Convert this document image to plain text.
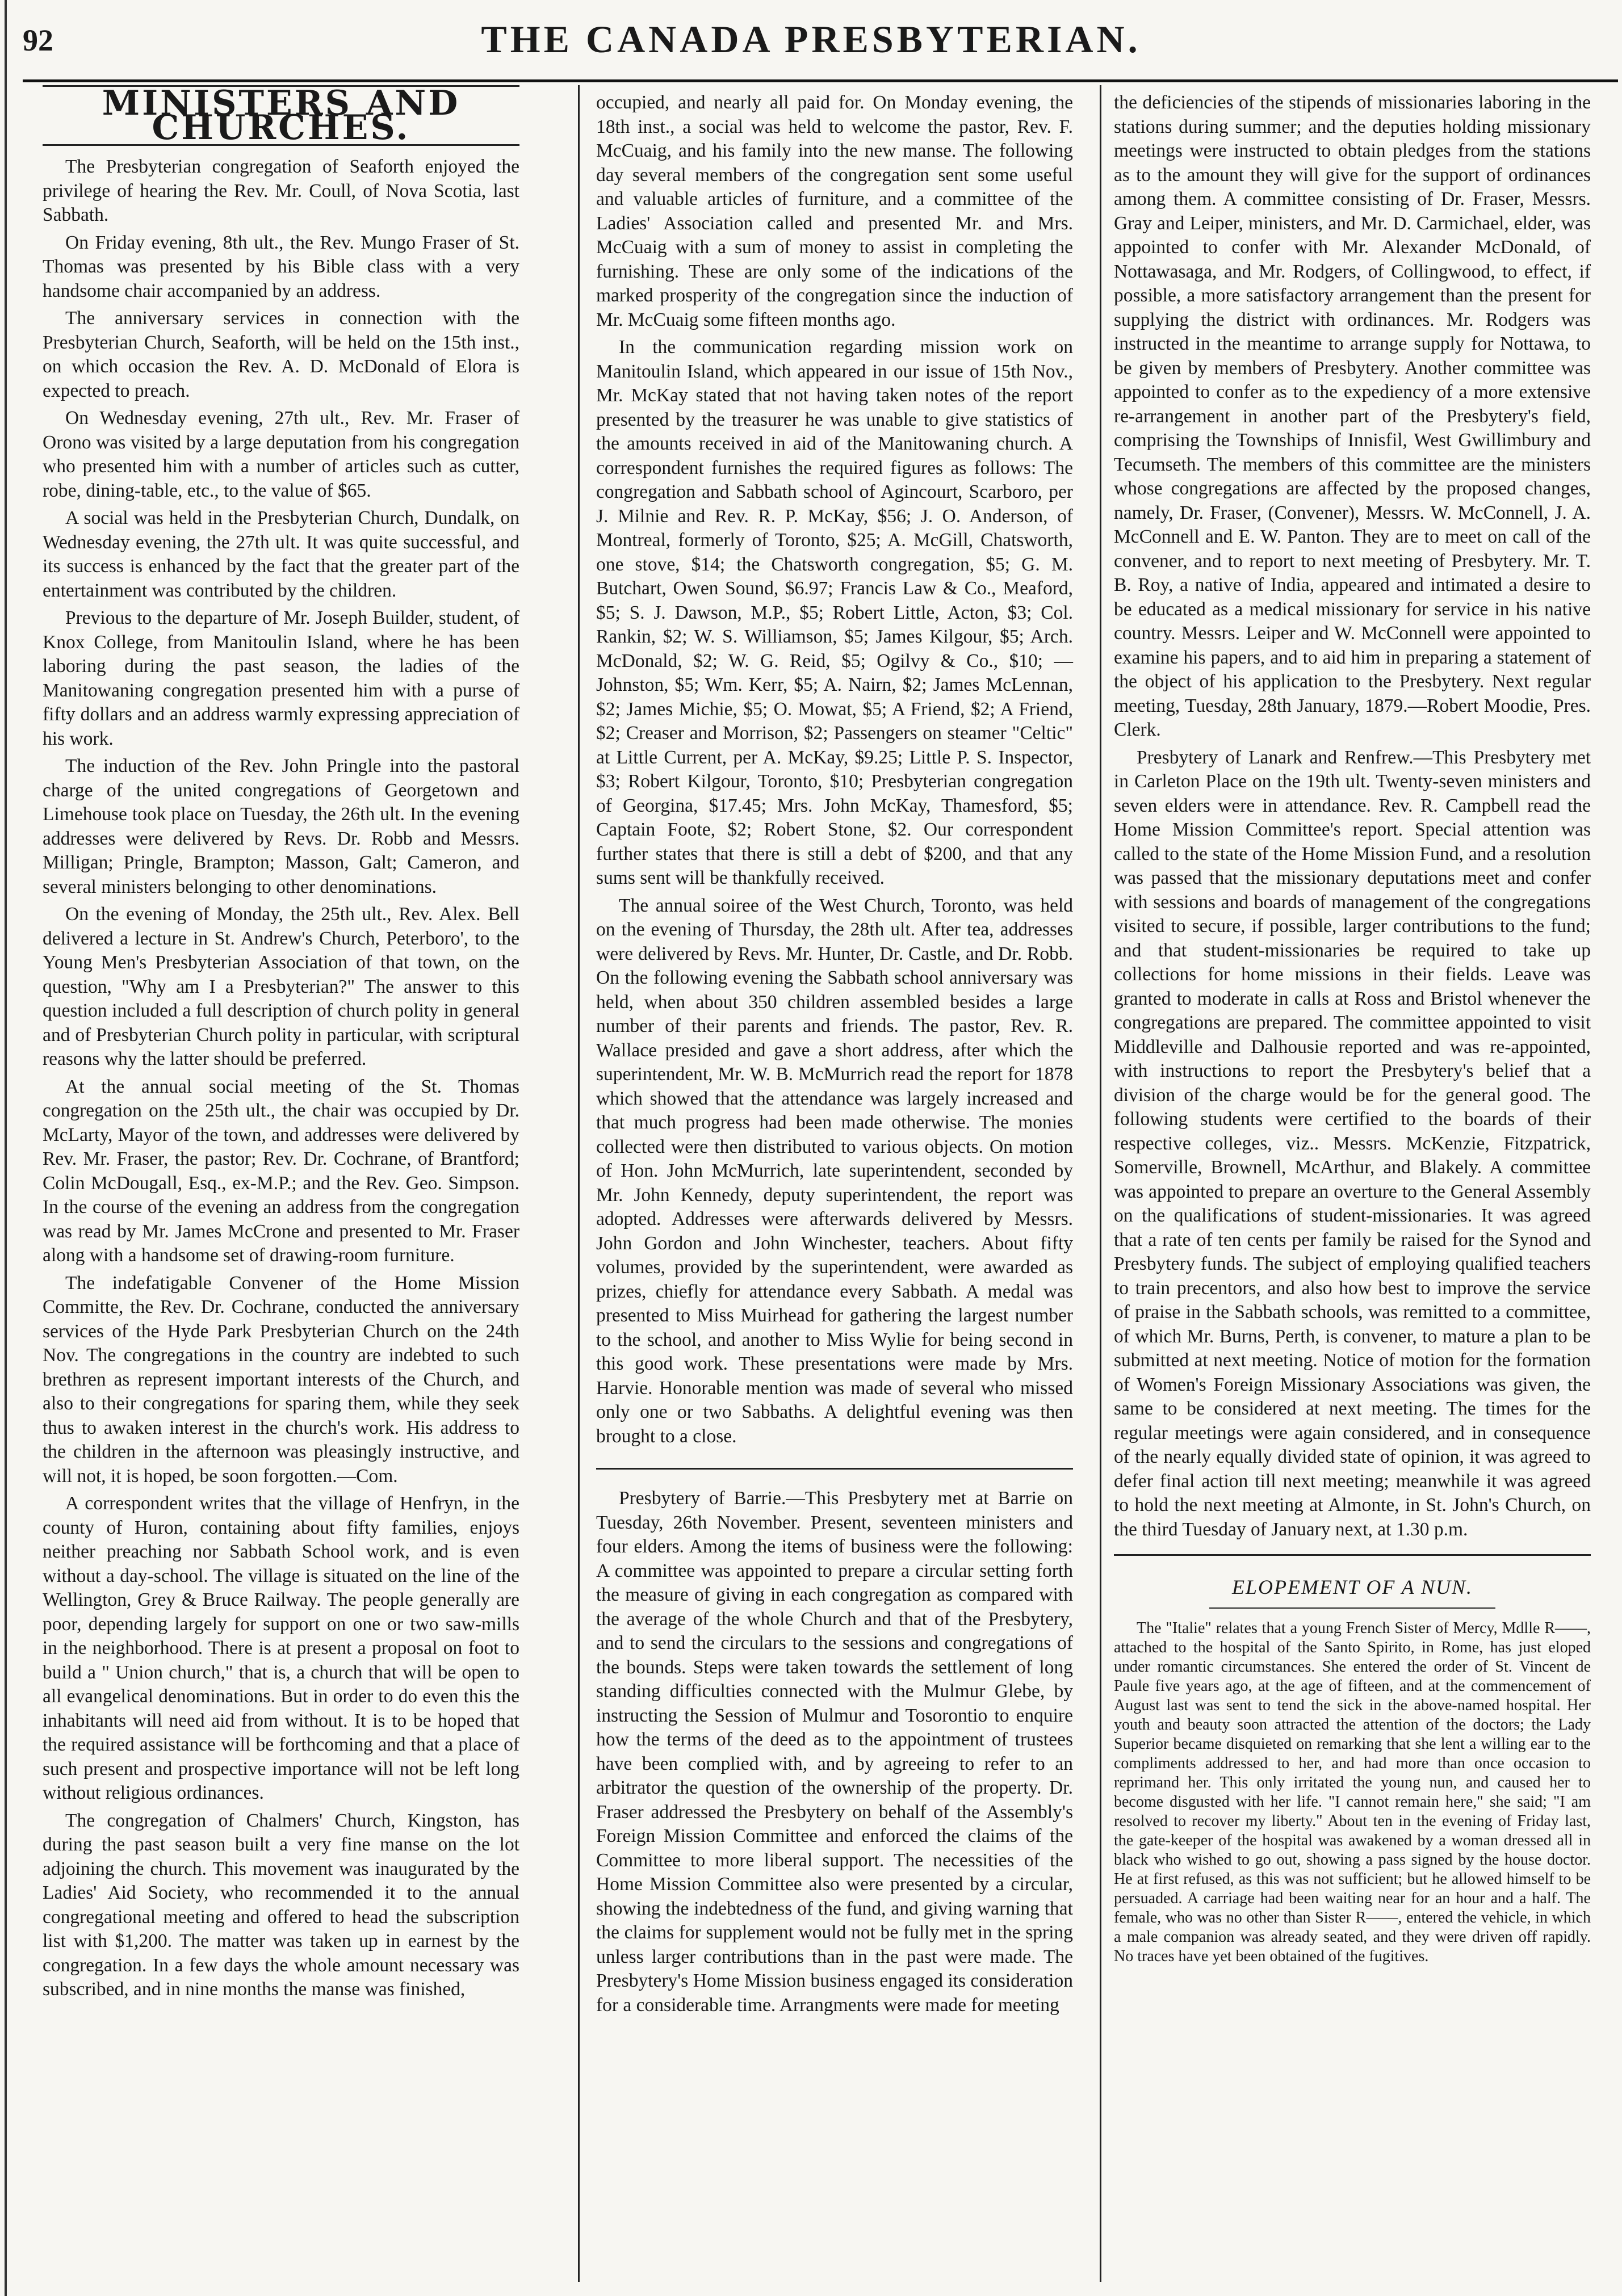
92	THE CANADA PRESBYTERIAN.
MINISTERS AND CHURCHES.

The Presbyterian congregation of Seaforth enjoyed the privilege of hearing the Rev. Mr. Coull, of Nova Scotia, last Sabbath.

On Friday evening, 8th ult., the Rev. Mungo Fraser of St. Thomas was presented by his Bible class with a very handsome chair accompanied by an address.

The anniversary services in connection with the Presbyterian Church, Seaforth, will be held on the 15th inst., on which occasion the Rev. A. D. McDonald of Elora is expected to preach.

On Wednesday evening, 27th ult., Rev. Mr. Fraser of Orono was visited by a large deputation from his congregation who presented him with a number of articles such as cutter, robe, dining-table, etc., to the value of $65.

A social was held in the Presbyterian Church, Dundalk, on Wednesday evening, the 27th ult. It was quite successful, and its success is enhanced by the fact that the greater part of the entertainment was contributed by the children.

Previous to the departure of Mr. Joseph Builder, student, of Knox College, from Manitoulin Island, where he has been laboring during the past season, the ladies of the Manitowaning congregation presented him with a purse of fifty dollars and an address warmly expressing appreciation of his work.

The induction of the Rev. John Pringle into the pastoral charge of the united congregations of Georgetown and Limehouse took place on Tuesday, the 26th ult. In the evening addresses were delivered by Revs. Dr. Robb and Messrs. Milligan; Pringle, Brampton; Masson, Galt; Cameron, and several ministers belonging to other denominations.

On the evening of Monday, the 25th ult., Rev. Alex. Bell delivered a lecture in St. Andrew's Church, Peterboro', to the Young Men's Presbyterian Association of that town, on the question, "Why am I a Presbyterian?" The answer to this question included a full description of church polity in general and of Presbyterian Church polity in particular, with scriptural reasons why the latter should be preferred.

At the annual social meeting of the St. Thomas congregation on the 25th ult., the chair was occupied by Dr. McLarty, Mayor of the town, and addresses were delivered by Rev. Mr. Fraser, the pastor; Rev. Dr. Cochrane, of Brantford; Colin McDougall, Esq., ex-M.P.; and the Rev. Geo. Simpson. In the course of the evening an address from the congregation was read by Mr. James McCrone and presented to Mr. Fraser along with a handsome set of drawing-room furniture.

The indefatigable Convener of the Home Mission Committe, the Rev. Dr. Cochrane, conducted the anniversary services of the Hyde Park Presbyterian Church on the 24th Nov. The congregations in the country are indebted to such brethren as represent important interests of the Church, and also to their congregations for sparing them, while they seek thus to awaken interest in the church's work. His address to the children in the afternoon was pleasingly instructive, and will not, it is hoped, be soon forgotten.—Com.

A correspondent writes that the village of Henfryn, in the county of Huron, containing about fifty families, enjoys neither preaching nor Sabbath School work, and is even without a day-school. The village is situated on the line of the Wellington, Grey & Bruce Railway. The people generally are poor, depending largely for support on one or two saw-mills in the neighborhood. There is at present a proposal on foot to build a " Union church," that is, a church that will be open to all evangelical denominations. But in order to do even this the inhabitants will need aid from without. It is to be hoped that the required assistance will be forthcoming and that a place of such present and prospective importance will not be left long without religious ordinances.

The congregation of Chalmers' Church, Kingston, has during the past season built a very fine manse on the lot adjoining the church. This movement was inaugurated by the Ladies' Aid Society, who recommended it to the annual congregational meeting and offered to head the subscription list with $1,200. The matter was taken up in earnest by the congregation. In a few days the whole amount necessary was subscribed, and in nine months the manse was finished,

occupied, and nearly all paid for. On Monday evening, the 18th inst., a social was held to welcome the pastor, Rev. F. McCuaig, and his family into the new manse. The following day several members of the congregation sent some useful and valuable articles of furniture, and a committee of the Ladies' Association called and presented Mr. and Mrs. McCuaig with a sum of money to assist in completing the furnishing. These are only some of the indications of the marked prosperity of the congregation since the induction of Mr. McCuaig some fifteen months ago.

In the communication regarding mission work on Manitoulin Island, which appeared in our issue of 15th Nov., Mr. McKay stated that not having taken notes of the report presented by the treasurer he was unable to give statistics of the amounts received in aid of the Manitowaning church. A correspondent furnishes the required figures as follows: The congregation and Sabbath school of Agincourt, Scarboro, per J. Milnie and Rev. R. P. McKay, $56; J. O. Anderson, of Montreal, formerly of Toronto, $25; A. McGill, Chatsworth, one stove, $14; the Chatsworth congregation, $5; G. M. Butchart, Owen Sound, $6.97; Francis Law & Co., Meaford, $5; S. J. Dawson, M.P., $5; Robert Little, Acton, $3; Col. Rankin, $2; W. S. Williamson, $5; James Kilgour, $5; Arch. McDonald, $2; W. G. Reid, $5; Ogilvy & Co., $10; — Johnston, $5; Wm. Kerr, $5; A. Nairn, $2; James McLennan, $2; James Michie, $5; O. Mowat, $5; A Friend, $2; A Friend, $2; Creaser and Morrison, $2; Passengers on steamer "Celtic" at Little Current, per A. McKay, $9.25; Little P. S. Inspector, $3; Robert Kilgour, Toronto, $10; Presbyterian congregation of Georgina, $17.45; Mrs. John McKay, Thamesford, $5; Captain Foote, $2; Robert Stone, $2. Our correspondent further states that there is still a debt of $200, and that any sums sent will be thankfully received.

The annual soiree of the West Church, Toronto, was held on the evening of Thursday, the 28th ult. After tea, addresses were delivered by Revs. Mr. Hunter, Dr. Castle, and Dr. Robb. On the following evening the Sabbath school anniversary was held, when about 350 children assembled besides a large number of their parents and friends. The pastor, Rev. R. Wallace presided and gave a short address, after which the superintendent, Mr. W. B. McMurrich read the report for 1878 which showed that the attendance was largely increased and that much progress had been made otherwise. The monies collected were then distributed to various objects. On motion of Hon. John McMurrich, late superintendent, seconded by Mr. John Kennedy, deputy superintendent, the report was adopted. Addresses were afterwards delivered by Messrs. John Gordon and John Winchester, teachers. About fifty volumes, provided by the superintendent, were awarded as prizes, chiefly for attendance every Sabbath. A medal was presented to Miss Muirhead for gathering the largest number to the school, and another to Miss Wylie for being second in this good work. These presentations were made by Mrs. Harvie. Honorable mention was made of several who missed only one or two Sabbaths. A delightful evening was then brought to a close.

Presbytery of Barrie.—This Presbytery met at Barrie on Tuesday, 26th November. Present, seventeen ministers and four elders. Among the items of business were the following: A committee was appointed to prepare a circular setting forth the measure of giving in each congregation as compared with the average of the whole Church and that of the Presbytery, and to send the circulars to the sessions and congregations of the bounds. Steps were taken towards the settlement of long standing difficulties connected with the Mulmur Glebe, by instructing the Session of Mulmur and Tosorontio to enquire how the terms of the deed as to the appointment of trustees have been complied with, and by agreeing to refer to an arbitrator the question of the ownership of the property. Dr. Fraser addressed the Presbytery on behalf of the Assembly's Foreign Mission Committee and enforced the claims of the Committee to more liberal support. The necessities of the Home Mission Committee also were presented by a circular, showing the indebtedness of the fund, and giving warning that the claims for supplement would not be fully met in the spring unless larger contributions than in the past were made. The Presbytery's Home Mission business engaged its consideration for a considerable time. Arrangments were made for meeting

the deficiencies of the stipends of missionaries laboring in the stations during summer; and the deputies holding missionary meetings were instructed to obtain pledges from the stations as to the amount they will give for the support of ordinances among them. A committee consisting of Dr. Fraser, Messrs. Gray and Leiper, ministers, and Mr. D. Carmichael, elder, was appointed to confer with Mr. Alexander McDonald, of Nottawasaga, and Mr. Rodgers, of Collingwood, to effect, if possible, a more satisfactory arrangement than the present for supplying the district with ordinances. Mr. Rodgers was instructed in the meantime to arrange supply for Nottawa, to be given by members of Presbytery. Another committee was appointed to confer as to the expediency of a more extensive re-arrangement in another part of the Presbytery's field, comprising the Townships of Innisfil, West Gwillimbury and Tecumseth. The members of this committee are the ministers whose congregations are affected by the proposed changes, namely, Dr. Fraser, (Convener), Messrs. W. McConnell, J. A. McConnell and E. W. Panton. They are to meet on call of the convener, and to report to next meeting of Presbytery. Mr. T. B. Roy, a native of India, appeared and intimated a desire to be educated as a medical missionary for service in his native country. Messrs. Leiper and W. McConnell were appointed to examine his papers, and to aid him in preparing a statement of the object of his application to the Presbytery. Next regular meeting, Tuesday, 28th January, 1879.—Robert Moodie, Pres. Clerk.

Presbytery of Lanark and Renfrew.—This Presbytery met in Carleton Place on the 19th ult. Twenty-seven ministers and seven elders were in attendance. Rev. R. Campbell read the Home Mission Committee's report. Special attention was called to the state of the Home Mission Fund, and a resolution was passed that the missionary deputations meet and confer with sessions and boards of management of the congregations visited to secure, if possible, larger contributions to the fund; and that student-missionaries be required to take up collections for home missions in their fields. Leave was granted to moderate in calls at Ross and Bristol whenever the congregations are prepared. The committee appointed to visit Middleville and Dalhousie reported and was re-appointed, with instructions to report the Presbytery's belief that a division of the charge would be for the general good. The following students were certified to the boards of their respective colleges, viz.. Messrs. McKenzie, Fitzpatrick, Somerville, Brownell, McArthur, and Blakely. A committee was appointed to prepare an overture to the General Assembly on the qualifications of student-missionaries. It was agreed that a rate of ten cents per family be raised for the Synod and Presbytery funds. The subject of employing qualified teachers to train precentors, and also how best to improve the service of praise in the Sabbath schools, was remitted to a committee, of which Mr. Burns, Perth, is convener, to mature a plan to be submitted at next meeting. Notice of motion for the formation of Women's Foreign Missionary Associations was given, the same to be considered at next meeting. The times for the regular meetings were again considered, and in consequence of the nearly equally divided state of opinion, it was agreed to defer final action till next meeting; meanwhile it was agreed to hold the next meeting at Almonte, in St. John's Church, on the third Tuesday of January next, at 1.30 p.m.

ELOPEMENT OF A NUN.

The "Italie" relates that a young French Sister of Mercy, Mdlle R——, attached to the hospital of the Santo Spirito, in Rome, has just eloped under romantic circumstances. She entered the order of St. Vincent de Paule five years ago, at the age of fifteen, and at the commencement of August last was sent to tend the sick in the above-named hospital. Her youth and beauty soon attracted the attention of the doctors; the Lady Superior became disquieted on remarking that she lent a willing ear to the compliments addressed to her, and had more than once occasion to reprimand her. This only irritated the young nun, and caused her to become disgusted with her life. "I cannot remain here," she said; "I am resolved to recover my liberty." About ten in the evening of Friday last, the gate-keeper of the hospital was awakened by a woman dressed all in black who wished to go out, showing a pass signed by the house doctor. He at first refused, as this was not sufficient; but he allowed himself to be persuaded. A carriage had been waiting near for an hour and a half. The female, who was no other than Sister R——, entered the vehicle, in which a male companion was already seated, and they were driven off rapidly. No traces have yet been obtained of the fugitives.
